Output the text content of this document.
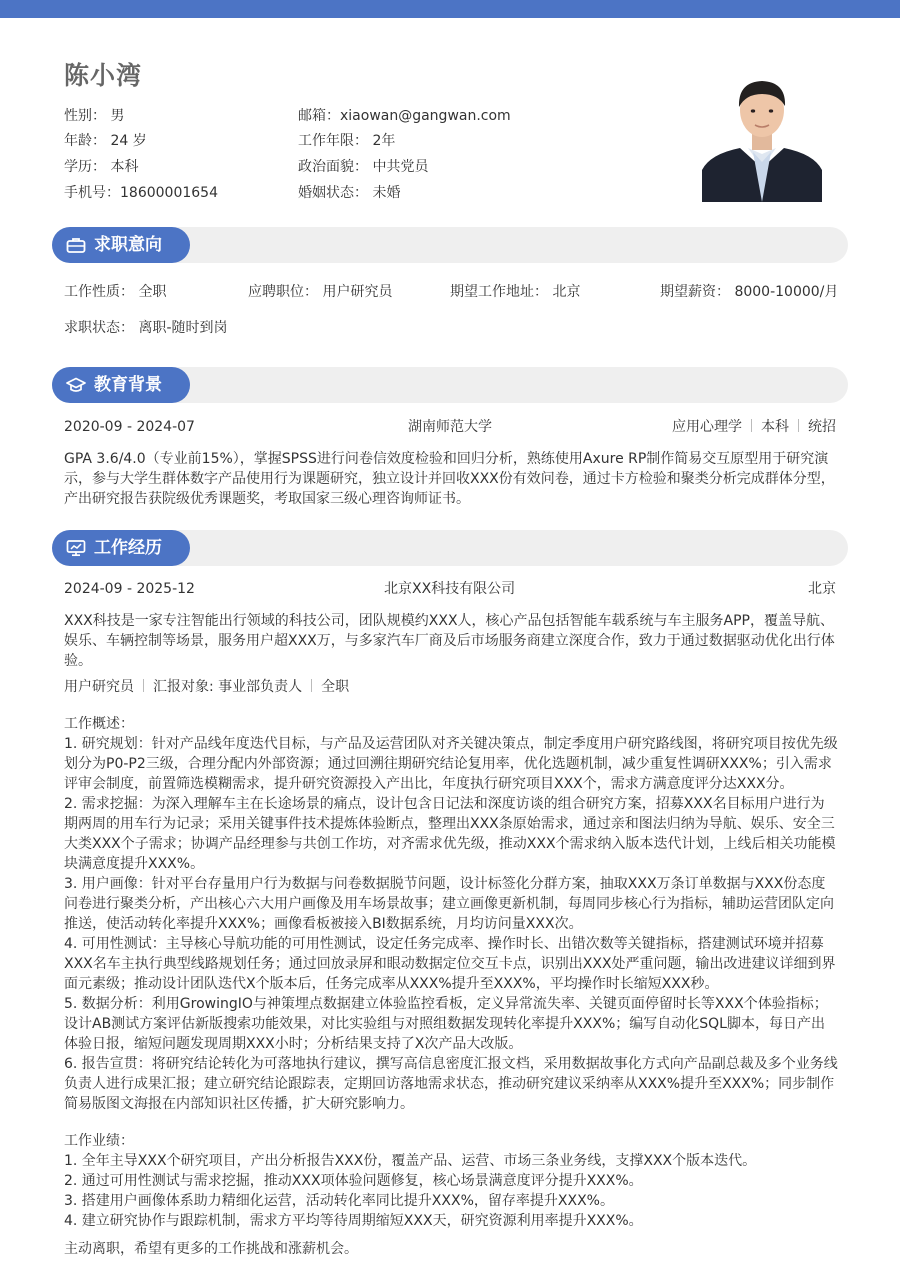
陈小湾
性别： 男
年龄： 24 岁
学历： 本科
手机号：18600001654
邮箱：xiaowan@gangwan.com
工作年限： 2年
政治面貌： 中共党员
婚姻状态： 未婚
求职意向
工作性质： 全职	应聘职位： 用户研究员	期望工作地址： 北京	期望薪资： 8000-10000/月
求职状态： 离职-随时到岗
教育背景
2020-09 - 2024-07	湖南师范大学	应用心理学 本科 统招
GPA 3.6/4.0（专业前15%），掌握SPSS进行问卷信效度检验和回归分析，熟练使用Axure RP制作简易交互原型用于研究演示，参与大学生群体数字产品使用行为课题研究，独立设计并回收XXX份有效问卷，通过卡方检验和聚类分析完成群体分型，产出研究报告获院级优秀课题奖，考取国家三级心理咨询师证书。
工作经历
2024-09 - 2025-12	北京XX科技有限公司	北京
XXX科技是一家专注智能出行领域的科技公司，团队规模约XXX人，核心产品包括智能车载系统与车主服务APP，覆盖导航、娱乐、车辆控制等场景，服务用户超XXX万，与多家汽车厂商及后市场服务商建立深度合作，致力于通过数据驱动优化出行体验。
用户研究员 汇报对象: 事业部负责人 全职

工作概述：

1. 研究规划：针对产品线年度迭代目标，与产品及运营团队对齐关键决策点，制定季度用户研究路线图，将研究项目按优先级划分为P0-P2三级，合理分配内外部资源；通过回溯往期研究结论复用率，优化选题机制，减少重复性调研XXX%；引入需求评审会制度，前置筛选模糊需求，提升研究资源投入产出比，年度执行研究项目XXX个，需求方满意度评分达XXX分。

2. 需求挖掘：为深入理解车主在长途场景的痛点，设计包含日记法和深度访谈的组合研究方案，招募XXX名目标用户进行为期两周的用车行为记录；采用关键事件技术提炼体验断点，整理出XXX条原始需求，通过亲和图法归纳为导航、娱乐、安全三大类XXX个子需求；协调产品经理参与共创工作坊，对齐需求优先级，推动XXX个需求纳入版本迭代计划，上线后相关功能模块满意度提升XXX%。

3. 用户画像：针对平台存量用户行为数据与问卷数据脱节问题，设计标签化分群方案，抽取XXX万条订单数据与XXX份态度问卷进行聚类分析，产出核心六大用户画像及用车场景故事；建立画像更新机制，每周同步核心行为指标，辅助运营团队定向推送，使活动转化率提升XXX%；画像看板被接入BI数据系统，月均访问量XXX次。

4. 可用性测试：主导核心导航功能的可用性测试，设定任务完成率、操作时长、出错次数等关键指标，搭建测试环境并招募XXX名车主执行典型线路规划任务；通过回放录屏和眼动数据定位交互卡点，识别出XXX处严重问题，输出改进建议详细到界面元素级；推动设计团队迭代X个版本后，任务完成率从XXX%提升至XXX%，平均操作时长缩短XXX秒。

5. 数据分析：利用GrowingIO与神策埋点数据建立体验监控看板，定义异常流失率、关键页面停留时长等XXX个体验指标；设计AB测试方案评估新版搜索功能效果，对比实验组与对照组数据发现转化率提升XXX%；编写自动化SQL脚本，每日产出体验日报，缩短问题发现周期XXX小时；分析结果支持了X次产品大改版。

6. 报告宣贯：将研究结论转化为可落地执行建议，撰写高信息密度汇报文档，采用数据故事化方式向产品副总裁及多个业务线负责人进行成果汇报；建立研究结论跟踪表，定期回访落地需求状态，推动研究建议采纳率从XXX%提升至XXX%；同步制作简易版图文海报在内部知识社区传播，扩大研究影响力。

工作业绩：

1. 全年主导XXX个研究项目，产出分析报告XXX份，覆盖产品、运营、市场三条业务线，支撑XXX个版本迭代。

2. 通过可用性测试与需求挖掘，推动XXX项体验问题修复，核心场景满意度评分提升XXX%。

3. 搭建用户画像体系助力精细化运营，活动转化率同比提升XXX%，留存率提升XXX%。

4. 建立研究协作与跟踪机制，需求方平均等待周期缩短XXX天，研究资源利用率提升XXX%。

主动离职，希望有更多的工作挑战和涨薪机会。
